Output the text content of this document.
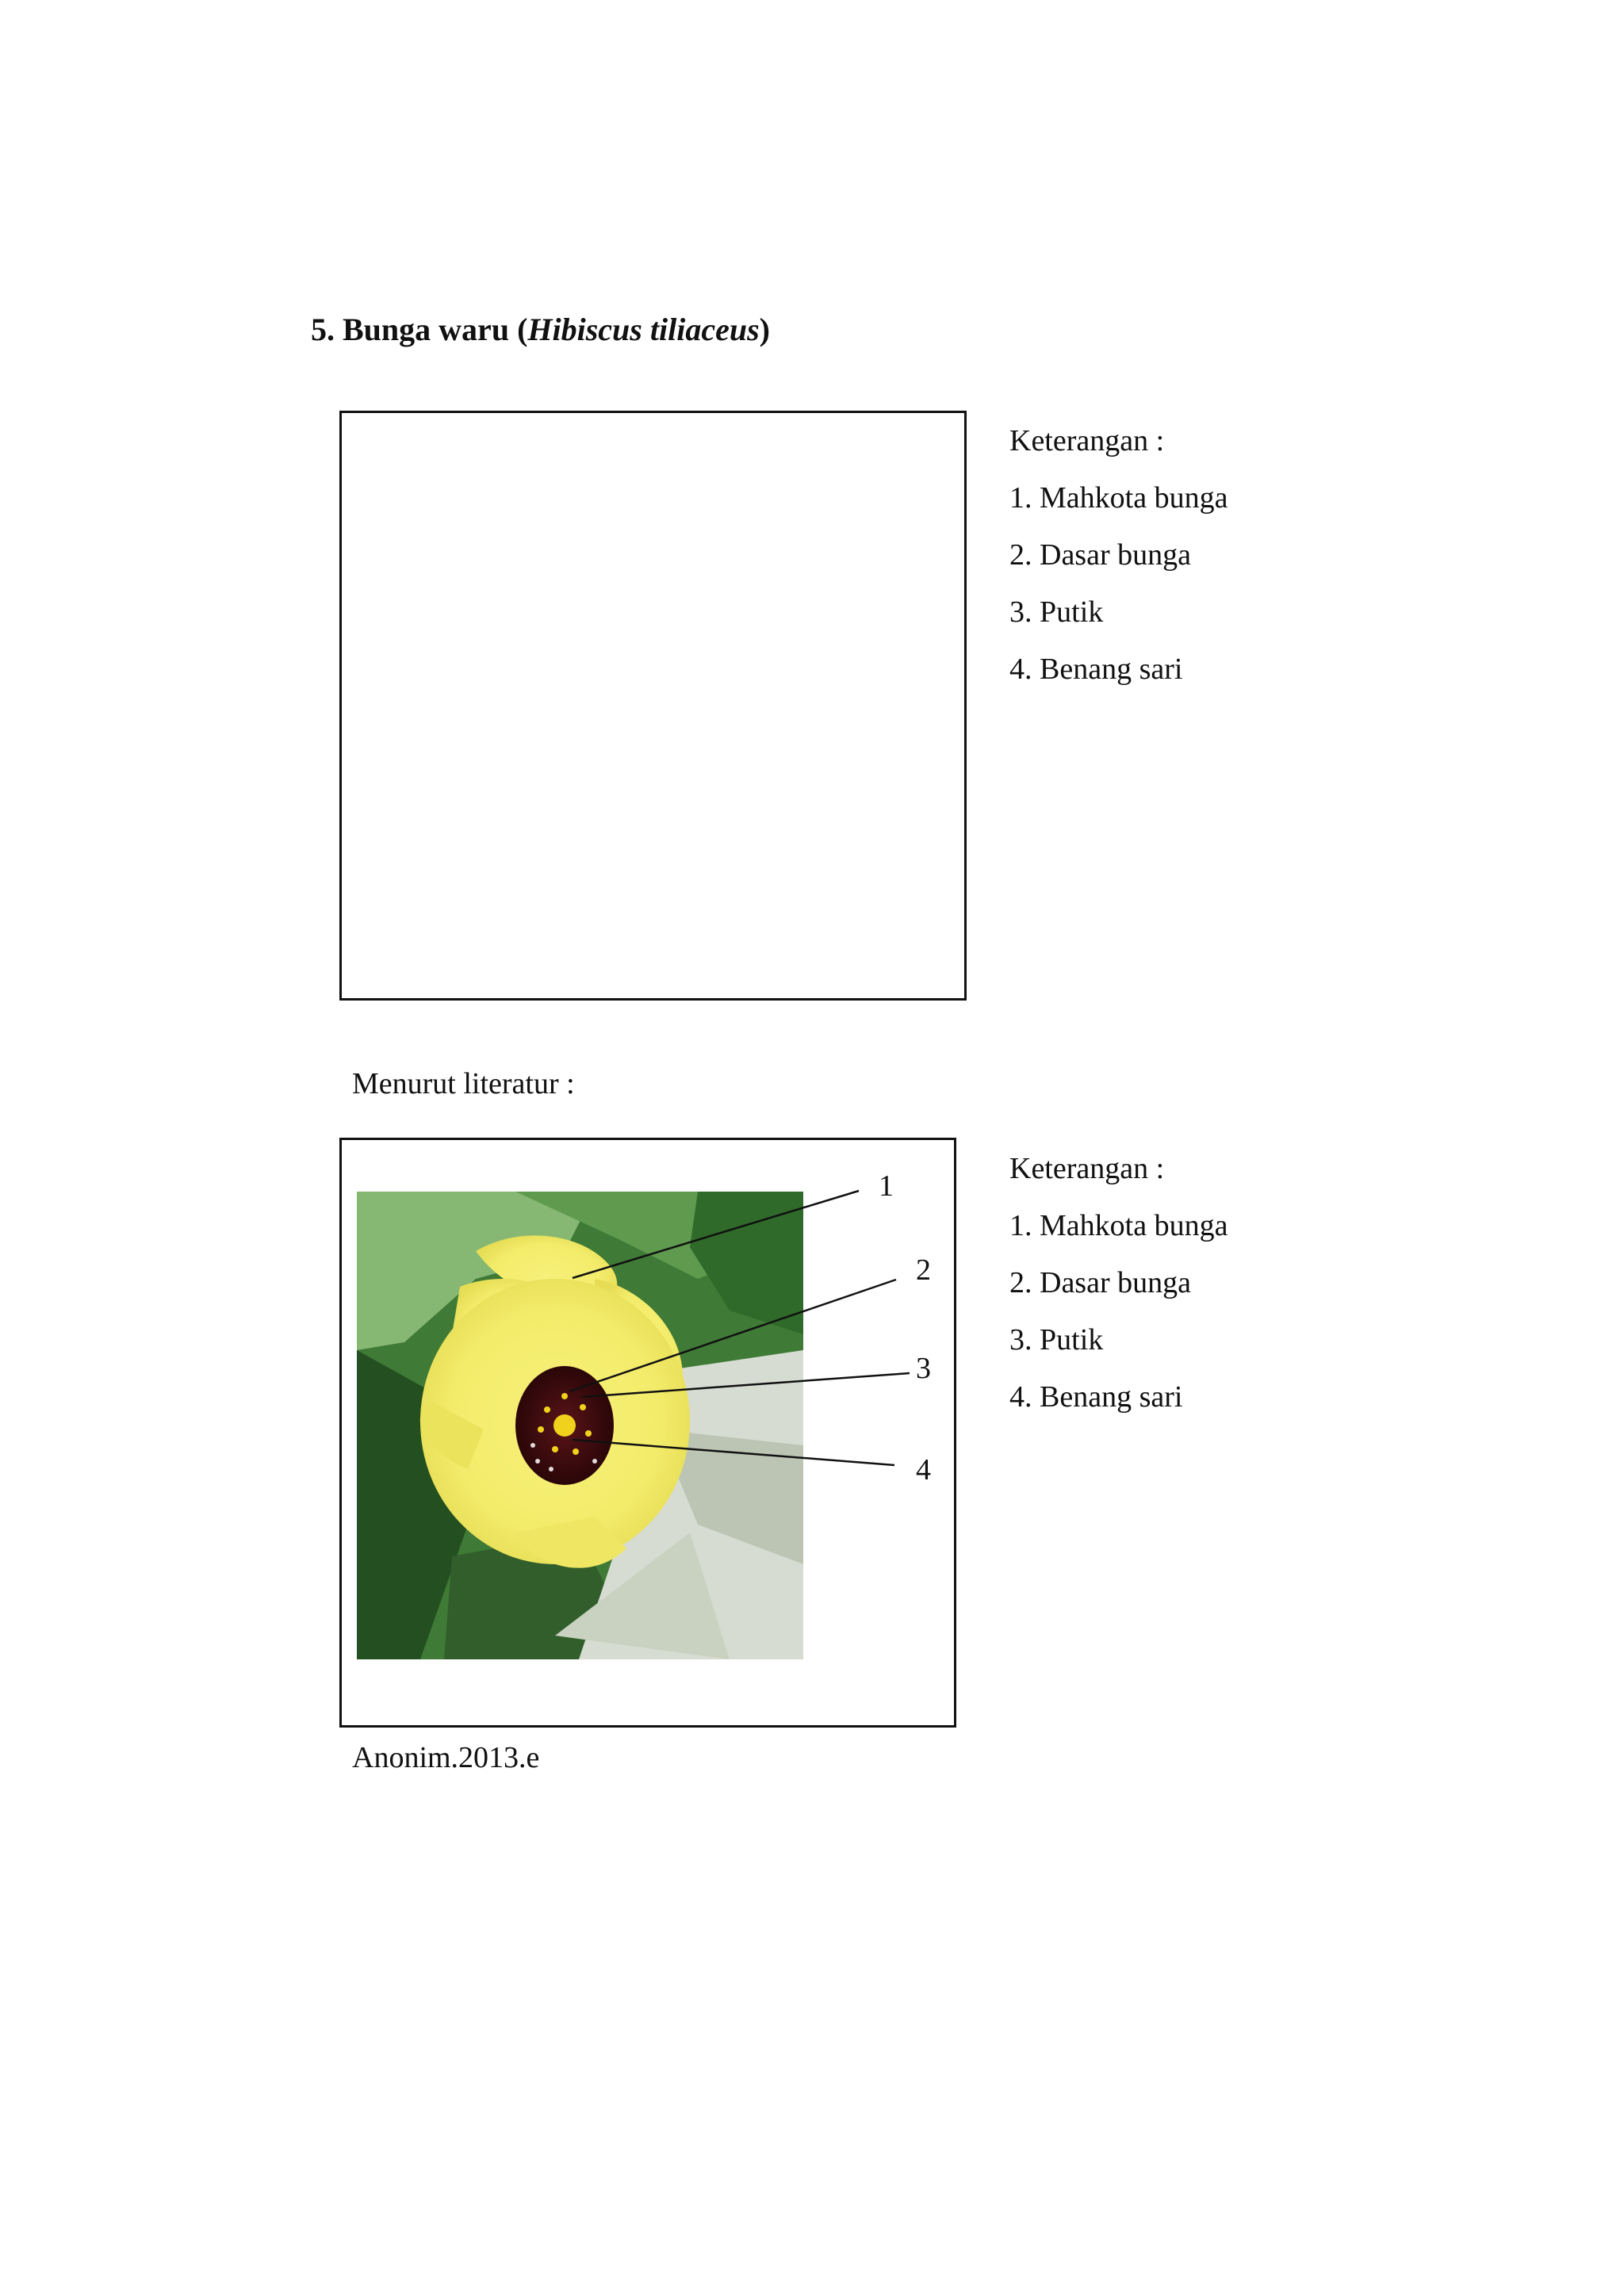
5. Bunga waru (Hibiscus tiliaceus)
Keterangan :
1. Mahkota bunga
2. Dasar bunga
3. Putik
4. Benang sari
Menurut literatur :
1
2
3
4
Keterangan :
1. Mahkota bunga
2. Dasar bunga
3. Putik
4. Benang sari
Anonim.2013.e
